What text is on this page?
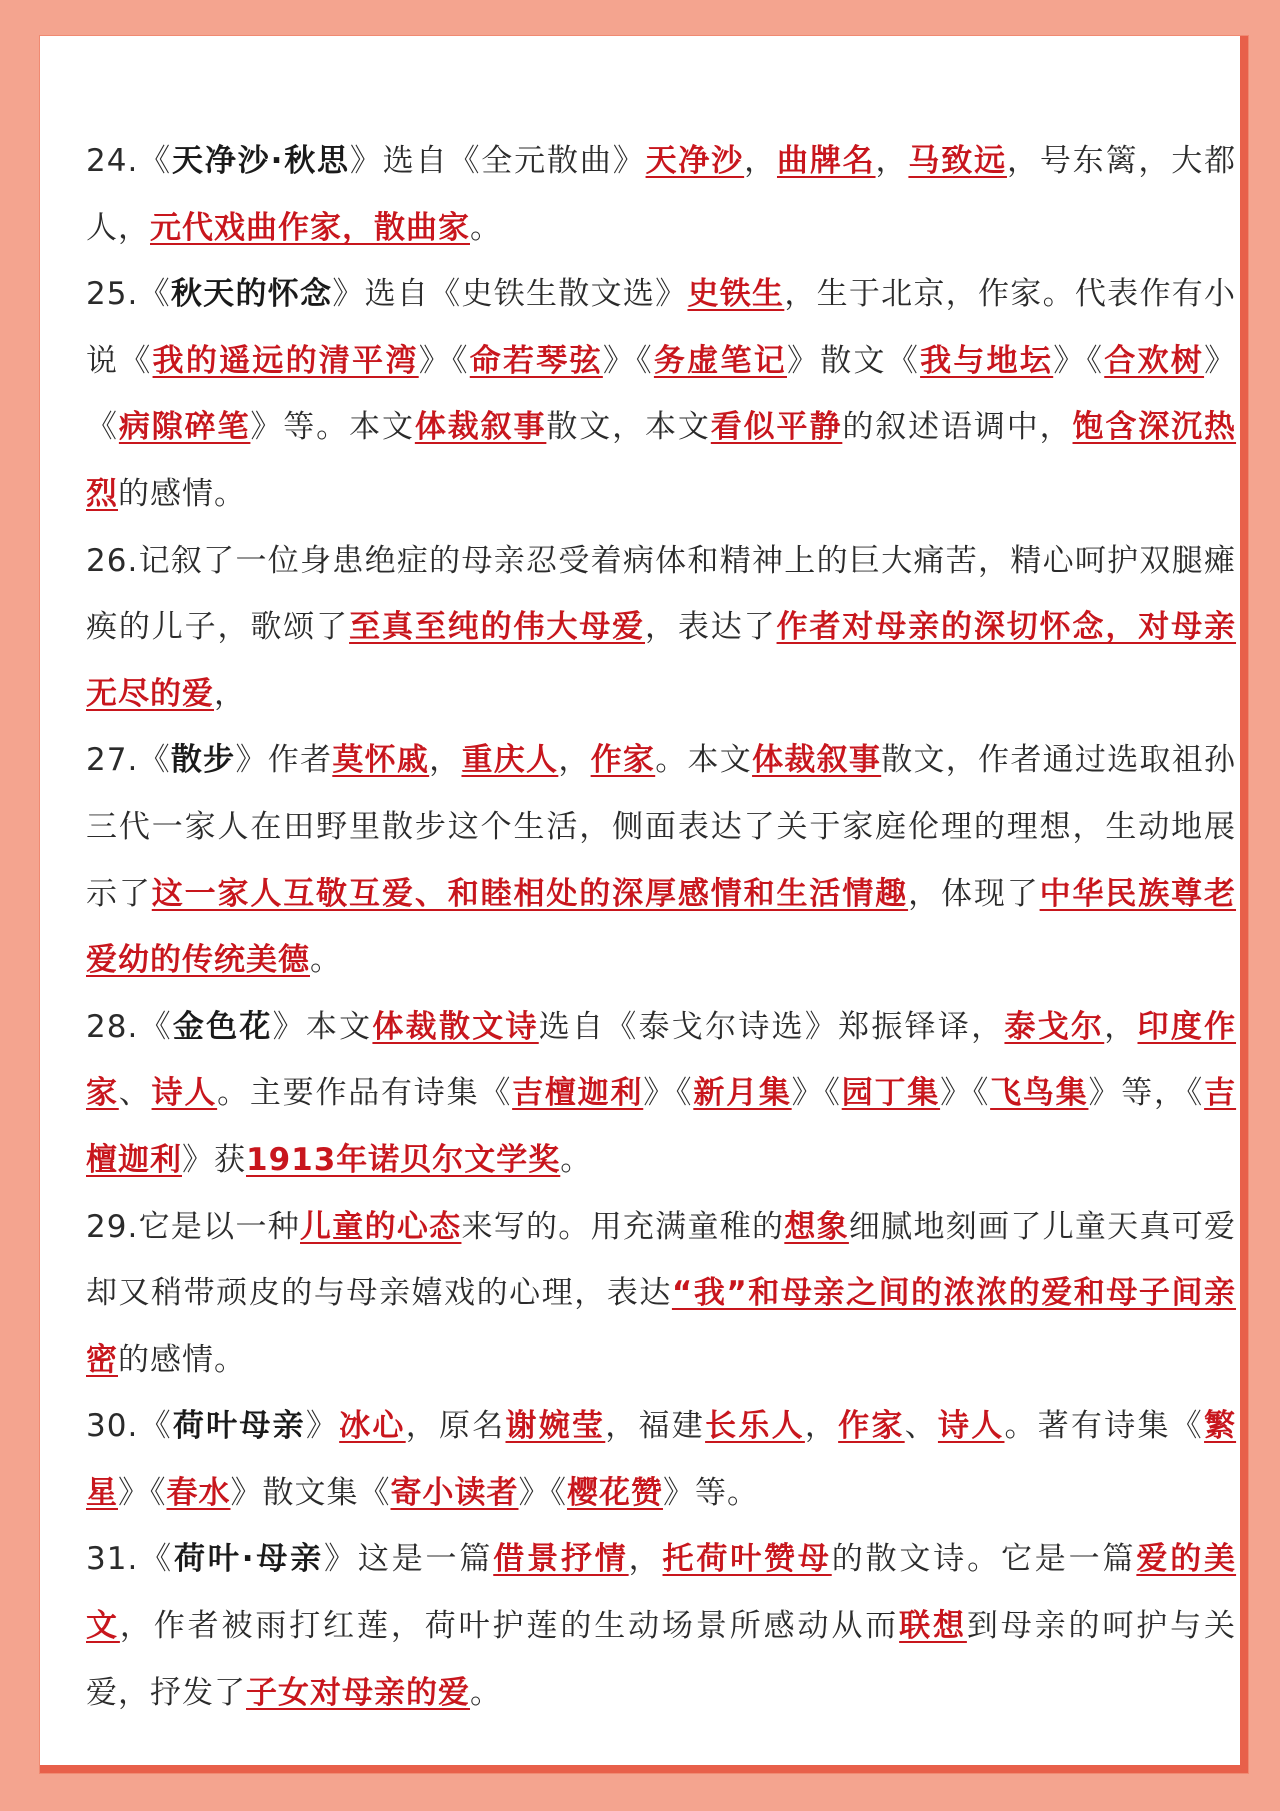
24.《天净沙·秋思》选自《全元散曲》天净沙，曲牌名，马致远，号东篱，大都人，元代戏曲作家，散曲家。

25.《秋天的怀念》选自《史铁生散文选》史铁生，生于北京，作家。代表作有小说《我的遥远的清平湾》《命若琴弦》《务虚笔记》散文《我与地坛》《合欢树》《病隙碎笔》等。本文体裁叙事散文，本文看似平静的叙述语调中，饱含深沉热烈的感情。

26.记叙了一位身患绝症的母亲忍受着病体和精神上的巨大痛苦，精心呵护双腿瘫痪的儿子，歌颂了至真至纯的伟大母爱，表达了作者对母亲的深切怀念，对母亲无尽的爱，

27.《散步》作者莫怀戚，重庆人，作家。本文体裁叙事散文，作者通过选取祖孙三代一家人在田野里散步这个生活，侧面表达了关于家庭伦理的理想，生动地展示了这一家人互敬互爱、和睦相处的深厚感情和生活情趣，体现了中华民族尊老爱幼的传统美德。

28.《金色花》本文体裁散文诗选自《泰戈尔诗选》郑振铎译，泰戈尔，印度作家、诗人。主要作品有诗集《吉檀迦利》《新月集》《园丁集》《飞鸟集》等，《吉檀迦利》获1913年诺贝尔文学奖。

29.它是以一种儿童的心态来写的。用充满童稚的想象细腻地刻画了儿童天真可爱却又稍带顽皮的与母亲嬉戏的心理，表达“我”和母亲之间的浓浓的爱和母子间亲密的感情。

30.《荷叶母亲》冰心，原名谢婉莹，福建长乐人，作家、诗人。著有诗集《繁星》《春水》散文集《寄小读者》《樱花赞》等。

31.《荷叶·母亲》这是一篇借景抒情，托荷叶赞母的散文诗。它是一篇爱的美文，作者被雨打红莲，荷叶护莲的生动场景所感动从而联想到母亲的呵护与关爱，抒发了子女对母亲的爱。
